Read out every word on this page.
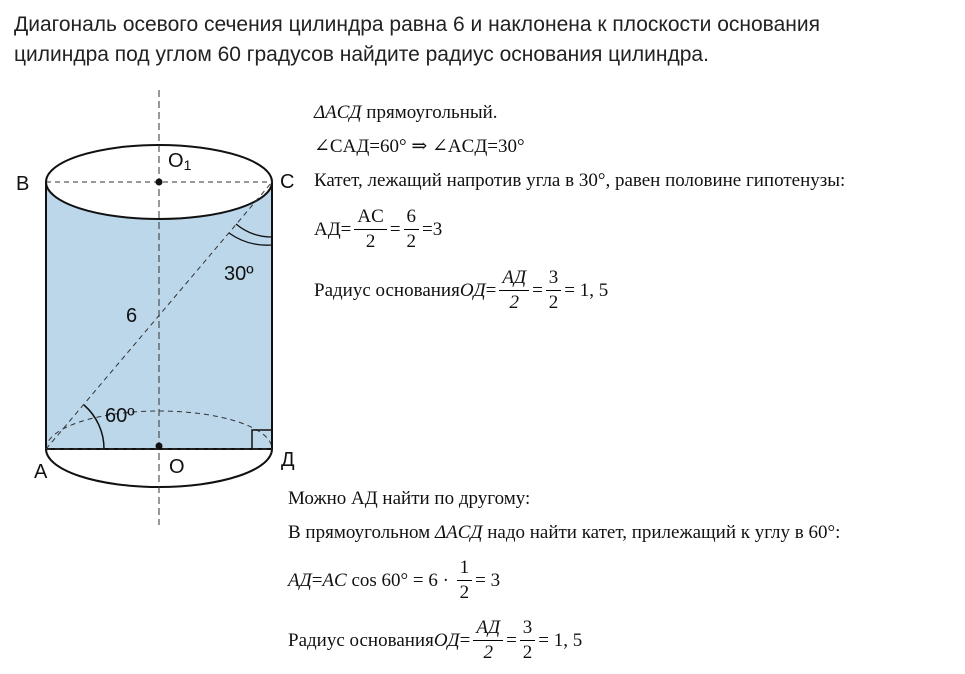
Диагональ осевого сечения цилиндра равна 6 и наклонена к плоскости основания
цилиндра под углом 60 градусов найдите радиус основания цилиндра.
B	C
A
Д
O
O1
6
30º
60º
ΔACД прямоугольный.
∠CAД=60° ⇒ ∠ACД=30°
Катет, лежащий напротив угла в 30°, равен половине гипотенузы:
$AД= \frac{AC}{2} = \frac{6}{2} =3$
Радиус основания OД = $\frac{AД}{2} = \frac{3}{2} = 1$, 5
Можно AД найти по другому:
В прямоугольном ΔACД надо найти катет, прилежащий к углу в 60°:
AД = AC $\cos 60^\circ = 6 \cdot \frac{1}{2} = 3$
Радиус основания OД = $\frac{AД}{2} = \frac{3}{2} = 1$, 5
